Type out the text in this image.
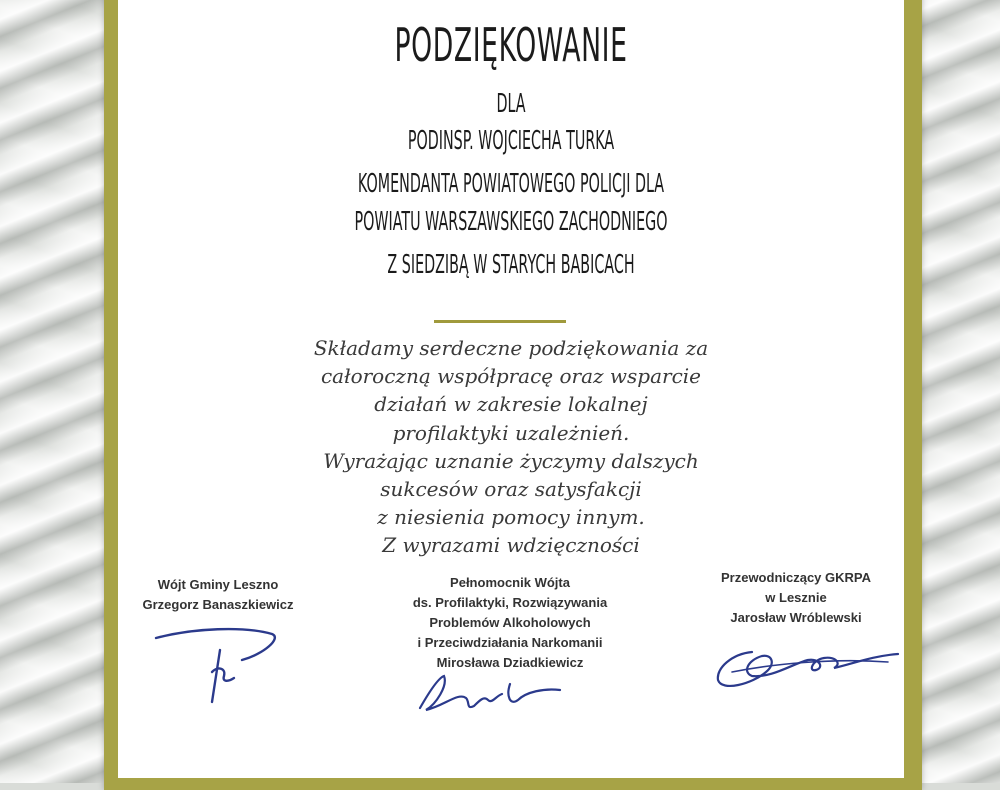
PODZIĘKOWANIE
DLA
PODINSP. WOJCIECHA TURKA
KOMENDANTA POWIATOWEGO POLICJI DLA
POWIATU WARSZAWSKIEGO ZACHODNIEGO
Z SIEDZIBĄ W STARYCH BABICACH
Składamy serdeczne podziękowania za
całoroczną współpracę oraz wsparcie
działań w zakresie lokalnej
profilaktyki uzależnień.
Wyrażając uznanie życzymy dalszych
sukcesów oraz satysfakcji
z niesienia pomocy innym.
Z wyrazami wdzięczności
Wójt Gminy Leszno
Grzegorz Banaszkiewicz
Pełnomocnik Wójta
ds. Profilaktyki, Rozwiązywania
Problemów Alkoholowych
i Przeciwdziałania Narkomanii
Mirosława Dziadkiewicz
Przewodniczący GKRPA
w Lesznie
Jarosław Wróblewski
